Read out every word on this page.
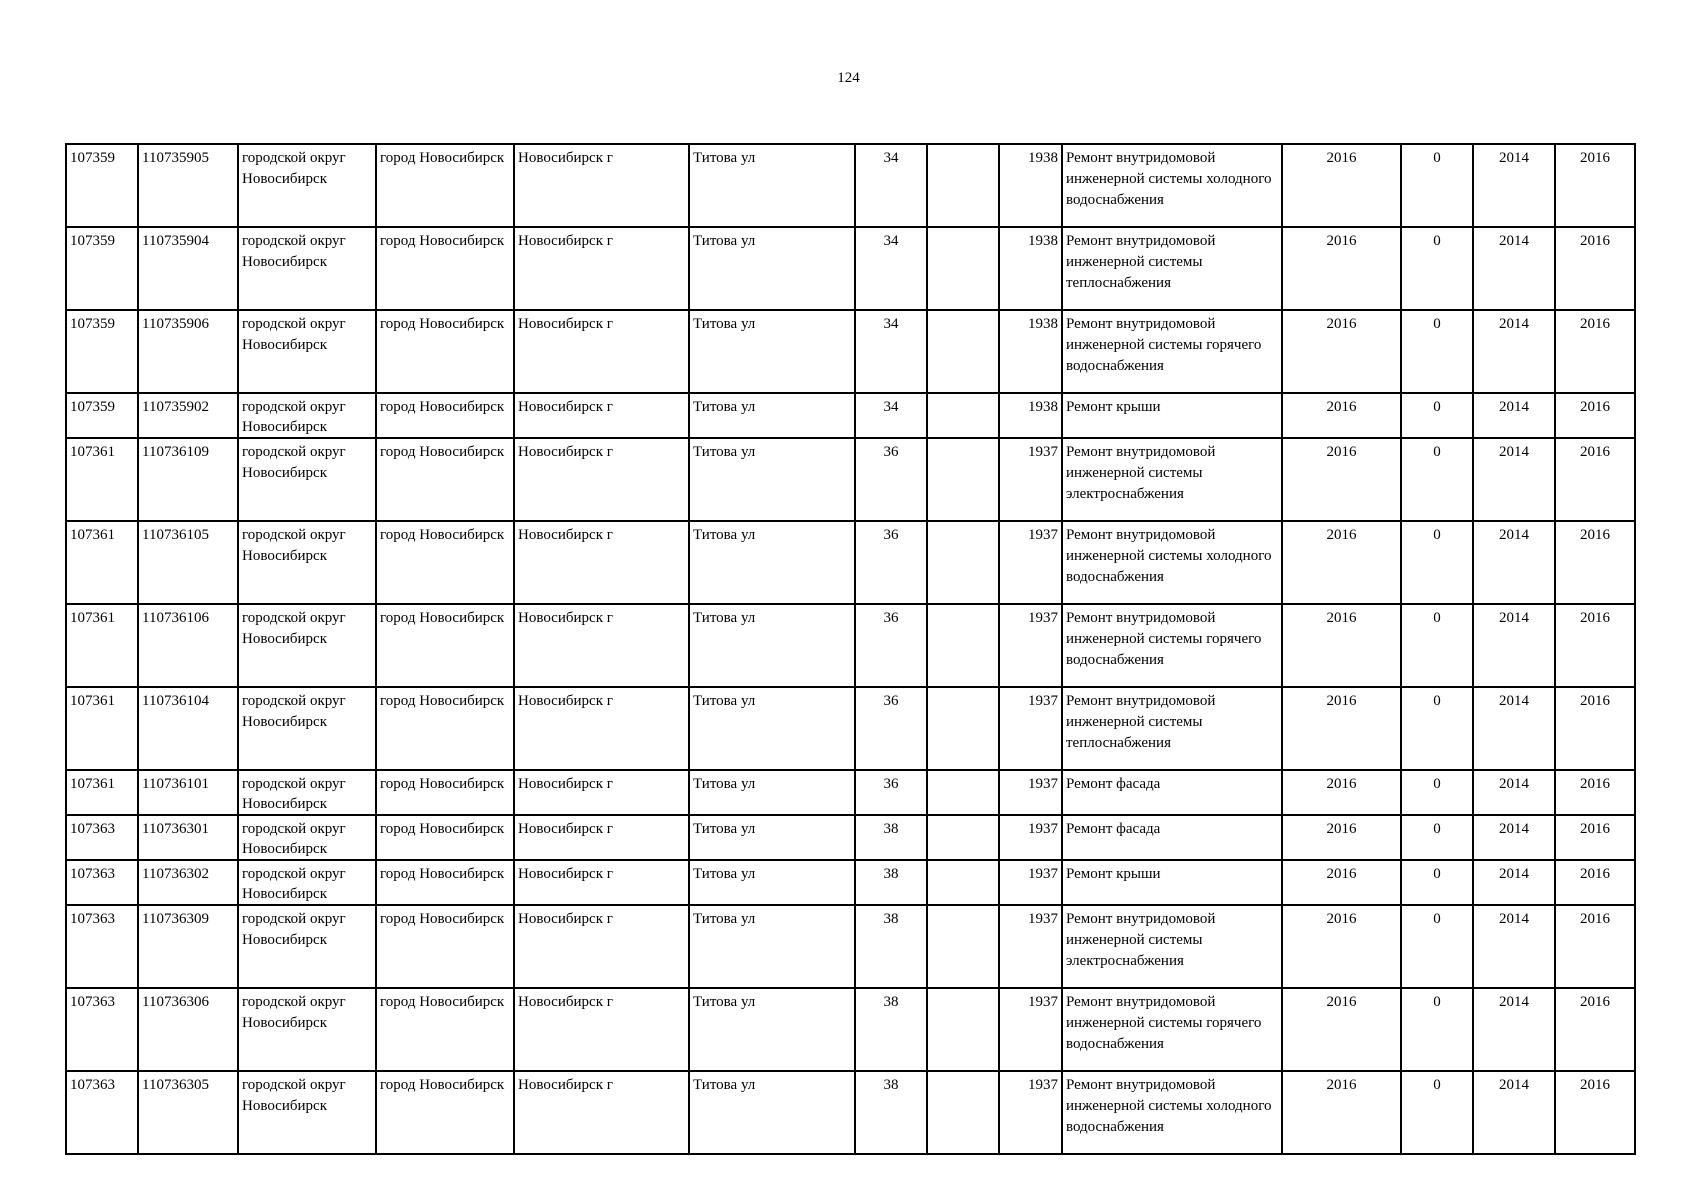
124
107359	110735905	городской округ Новосибирск	город Новосибирск	Новосибирск г	Титова ул	34		1938	Ремонт внутридомовой инженерной системы холодного водоснабжения	2016	0	2014	2016
107359	110735904	городской округ Новосибирск	город Новосибирск	Новосибирск г	Титова ул	34		1938	Ремонт внутридомовой инженерной системы теплоснабжения	2016	0	2014	2016
107359	110735906	городской округ Новосибирск	город Новосибирск	Новосибирск г	Титова ул	34		1938	Ремонт внутридомовой инженерной системы горячего водоснабжения	2016	0	2014	2016
107359	110735902	городской округ Новосибирск	город Новосибирск	Новосибирск г	Титова ул	34		1938	Ремонт крыши	2016	0	2014	2016
107361	110736109	городской округ Новосибирск	город Новосибирск	Новосибирск г	Титова ул	36		1937	Ремонт внутридомовой инженерной системы электроснабжения	2016	0	2014	2016
107361	110736105	городской округ Новосибирск	город Новосибирск	Новосибирск г	Титова ул	36		1937	Ремонт внутридомовой инженерной системы холодного водоснабжения	2016	0	2014	2016
107361	110736106	городской округ Новосибирск	город Новосибирск	Новосибирск г	Титова ул	36		1937	Ремонт внутридомовой инженерной системы горячего водоснабжения	2016	0	2014	2016
107361	110736104	городской округ Новосибирск	город Новосибирск	Новосибирск г	Титова ул	36		1937	Ремонт внутридомовой инженерной системы теплоснабжения	2016	0	2014	2016
107361	110736101	городской округ Новосибирск	город Новосибирск	Новосибирск г	Титова ул	36		1937	Ремонт фасада	2016	0	2014	2016
107363	110736301	городской округ Новосибирск	город Новосибирск	Новосибирск г	Титова ул	38		1937	Ремонт фасада	2016	0	2014	2016
107363	110736302	городской округ Новосибирск	город Новосибирск	Новосибирск г	Титова ул	38		1937	Ремонт крыши	2016	0	2014	2016
107363	110736309	городской округ Новосибирск	город Новосибирск	Новосибирск г	Титова ул	38		1937	Ремонт внутридомовой инженерной системы электроснабжения	2016	0	2014	2016
107363	110736306	городской округ Новосибирск	город Новосибирск	Новосибирск г	Титова ул	38		1937	Ремонт внутридомовой инженерной системы горячего водоснабжения	2016	0	2014	2016
107363	110736305	городской округ Новосибирск	город Новосибирск	Новосибирск г	Титова ул	38		1937	Ремонт внутридомовой инженерной системы холодного водоснабжения	2016	0	2014	2016
